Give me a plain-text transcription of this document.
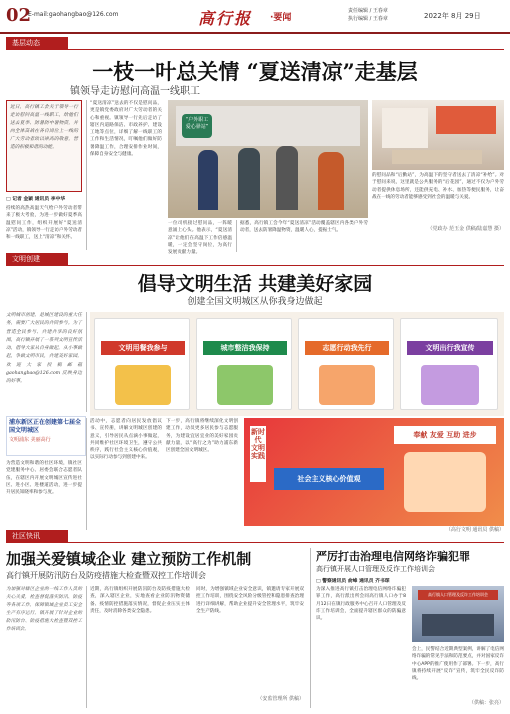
02
E-mail:gaohangbao@126.com	高行报 ·要闻
责任编辑 / 王春章
执行编辑 / 王春章	2022年 8月 29日
基层动态
一枝一叶总关情 “夏送清凉”走基层
镇领导走访慰问高温一线职工
近日，高行镇工会关于领导一行走访慰问高温一线职工，给他们送去夏季、防暑防中暑物资，并向全体奋战在各自岗位上一线的广大劳动者致以崇高的敬意，营造的积极和谐的动能。
□ 记者 金颖 通讯员 李中华
持续的高热高温天气给户外劳动者带来了极大考验，为进一步做好夏季高温慰问工作，组织开展好“夏送清凉”活动，镇领导一行走访户外劳动者和一线职工，送上“清凉”和关怀。
“夏送清凉”送去的不仅是慰问品，更是镇党委政府对广大劳动者的关心和重视。镇领导一行先后走访了辖区内道路保洁、市政养护、建设工地等点位，详细了解一线职工的工作和生活情况，叮嘱他们做好防暑降温工作，合理安排作业时间，保障自身安全与健康。
“户外职工
爱心驿站”
的慰问品和“后勤站”，为高温下的坚守者送去了清凉“补给”。对于慰问来说，这里就是公共服务的“后花园”，通过不仅为户外劳动者提供休息场所，还能供充电、补水、加热等便民服务，让奋战在一线的劳动者能够感受到社会的温暖与关爱。
（党政办 范玉金 供稿/陆嘉慧 摄）
一位司机接过慰问品，一阵暖意涌上心头。他表示，“夏送清凉”让他们在高温下工作倍感温暖，一定会坚守岗位，为高行发展贡献力量。
据悉，高行镇工会今年“夏送清凉”活动覆盖辖区内各类户外劳动者，送去防暑降温物资，温暖人心，提振士气。
文明创建
倡导文明生活 共建美好家园
创建全国文明城区从你我身边做起
文明城市创建，是城区建设的重大任务，需要广大居民的共同参与。为了营造全民参与、共建共享的良好氛围，高行镇开展了一系列文明宣传活动，倡导大家从自身做起，从小事做起，争做文明市民，共建美好家园。欢迎大家投稿邮箱gaohangbao@126.com 反映身边的好事。
文明用餐我参与	城市整洁我保持	志愿行动我先行	文明出行我宣传
浦东新区正在创建第七届全国文明城区
文明浦东 美丽高行
为营造文明和谐的社区环境，镇社区党建服务中心、居委会联合志愿者队伍，在辖区内开展文明城区宣传进社区、进小区、进楼道活动，进一步提升居民知晓率和参与度。
活动中，志愿者向居民发放倡议书、宣传册，讲解文明城区创建的意义，引导居民从点滴小事做起，共同维护社区环境卫生，遵守公共秩序，践行社会主义核心价值观，以实际行动参与到创建中来。
下一步，高行镇将继续深化文明创建工作，动员更多居民参与志愿服务，为建设宜居宜业的美好家园贡献力量，以“高行之为”助力浦东新区创建全国文明城区。
新时代 文明实践
社会主义核心价值观
奉献 友爱 互助 进步
（高行文明 通讯员 供稿）
社区快讯
加强关爱镇域企业 建立预防工作机制
高行镇开展防汛防台及防疫措施大检查暨双控工作培训会
为加强对辖区企业的一线工作人员的关心关爱，检查督促落实防汛、防疫等各项工作，保障镇域企业员工安全生产有序运行，镇开展了针对企业的防汛防台、防疫措施大检查暨双控工作培训会。
近期，高行镇组织开展防汛防台及防疫措施大检查，深入辖区企业，实地查看企业防汛物资储备、疫情防控措施落实情况，督促企业压实主体责任，及时消除各类安全隐患。
同时，为增强镇域企业安全意识，镇邀请专家开展双控工作培训，围绕安全风险分级管控和隐患排查治理进行详细讲解，帮助企业提升安全管理水平，筑牢安全生产防线。
（安监管理所 供稿）
严厉打击治理电信网络诈骗犯罪
高行镇开展人口管理及反诈工作培训会
□ 警察通讯员 俞峰 通讯员 齐书琛
为深入推进高行镇打击治理电信网络诈骗犯罪工作，高行派出所会同高行镇人口办于8月12日在镇行政服务中心召开人口管理及反诈工作培训会，全面提升辖区群众的防骗意识。
高行镇人口管理及反诈工作培训会
会上，民警结合近期典型案例，讲解了电信网络诈骗的常见手法和防范要点，并对国家反诈中心APP的推广使用作了部署。下一步，高行镇将持续开展“反诈”宣传，筑牢全民反诈防线。
（供稿：张亮）
